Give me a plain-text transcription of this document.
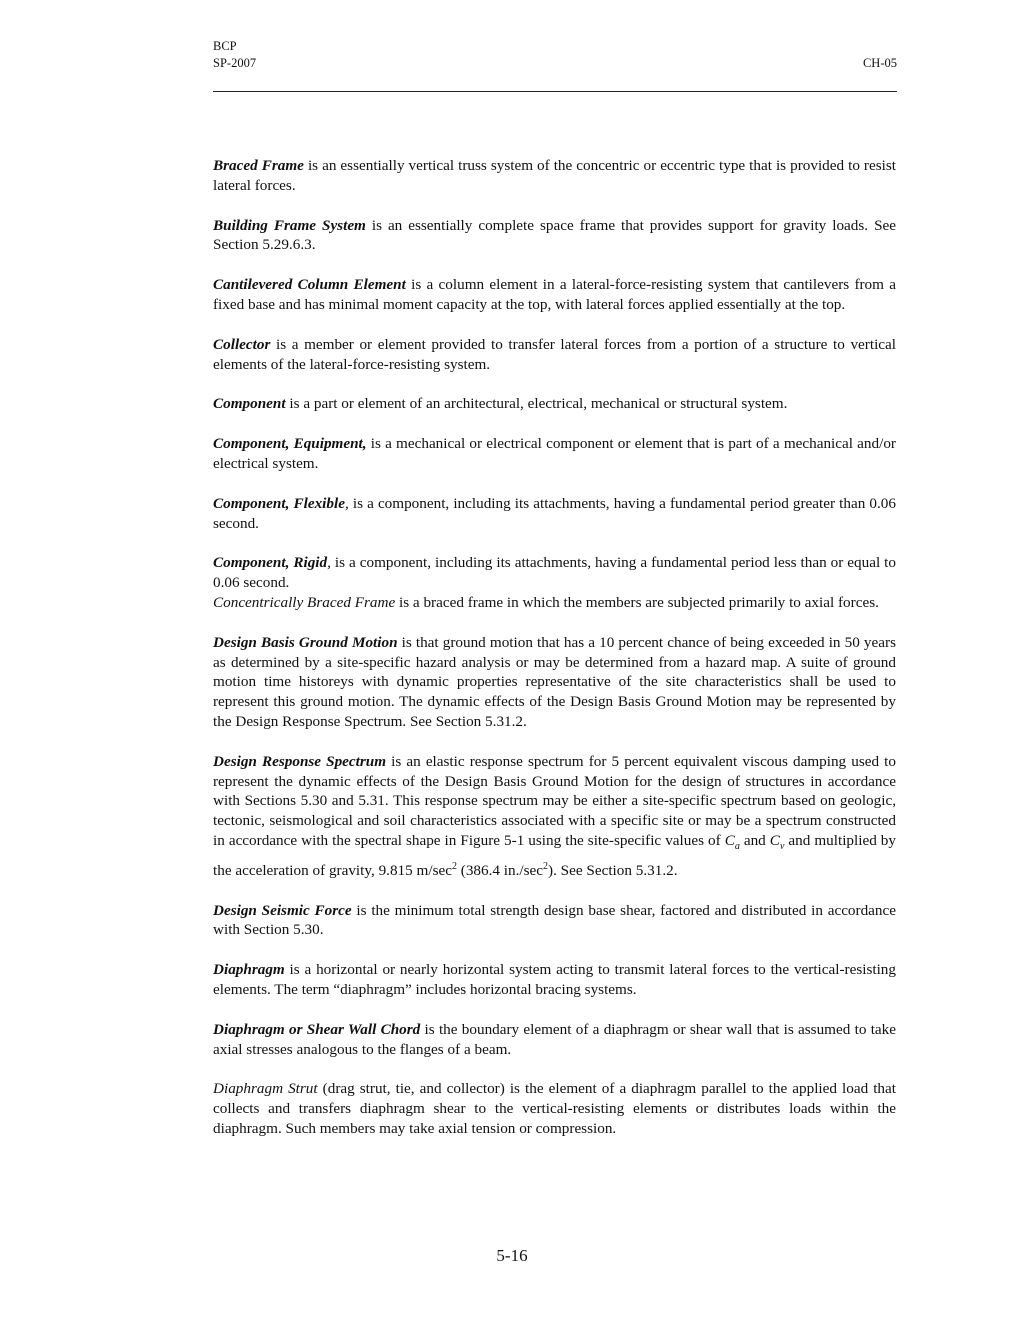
BCP
SP-2007	CH-05

Braced Frame is an essentially vertical truss system of the concentric or eccentric type that is provided to resist lateral forces.

Building Frame System is an essentially complete space frame that provides support for gravity loads. See Section 5.29.6.3.

Cantilevered Column Element is a column element in a lateral-force-resisting system that cantilevers from a fixed base and has minimal moment capacity at the top, with lateral forces applied essentially at the top.

Collector is a member or element provided to transfer lateral forces from a portion of a structure to vertical elements of the lateral-force-resisting system.

Component is a part or element of an architectural, electrical, mechanical or structural system.

Component, Equipment, is a mechanical or electrical component or element that is part of a mechanical and/or electrical system.

Component, Flexible, is a component, including its attachments, having a fundamental period greater than 0.06 second.

Component, Rigid, is a component, including its attachments, having a fundamental period less than or equal to 0.06 second.

Concentrically Braced Frame is a braced frame in which the members are subjected primarily to axial forces.

Design Basis Ground Motion is that ground motion that has a 10 percent chance of being exceeded in 50 years as determined by a site-specific hazard analysis or may be determined from a hazard map. A suite of ground motion time historeys with dynamic properties representative of the site characteristics shall be used to represent this ground motion. The dynamic effects of the Design Basis Ground Motion may be represented by the Design Response Spectrum. See Section 5.31.2.

Design Response Spectrum is an elastic response spectrum for 5 percent equivalent viscous damping used to represent the dynamic effects of the Design Basis Ground Motion for the design of structures in accordance with Sections 5.30 and 5.31. This response spectrum may be either a site-specific spectrum based on geologic, tectonic, seismological and soil characteristics associated with a specific site or may be a spectrum constructed in accordance with the spectral shape in Figure 5-1 using the site-specific values of $C_a$ and $C_v$ and multiplied by the acceleration of gravity, 9.815 $m/\sec^2$ (386.4 $in./\sec^2$). See Section 5.31.2.

Design Seismic Force is the minimum total strength design base shear, factored and distributed in accordance with Section 5.30.

Diaphragm is a horizontal or nearly horizontal system acting to transmit lateral forces to the vertical-resisting elements. The term “diaphragm” includes horizontal bracing systems.

Diaphragm or Shear Wall Chord is the boundary element of a diaphragm or shear wall that is assumed to take axial stresses analogous to the flanges of a beam.

Diaphragm Strut (drag strut, tie, and collector) is the element of a diaphragm parallel to the applied load that collects and transfers diaphragm shear to the vertical-resisting elements or distributes loads within the diaphragm. Such members may take axial tension or compression.

5-16
